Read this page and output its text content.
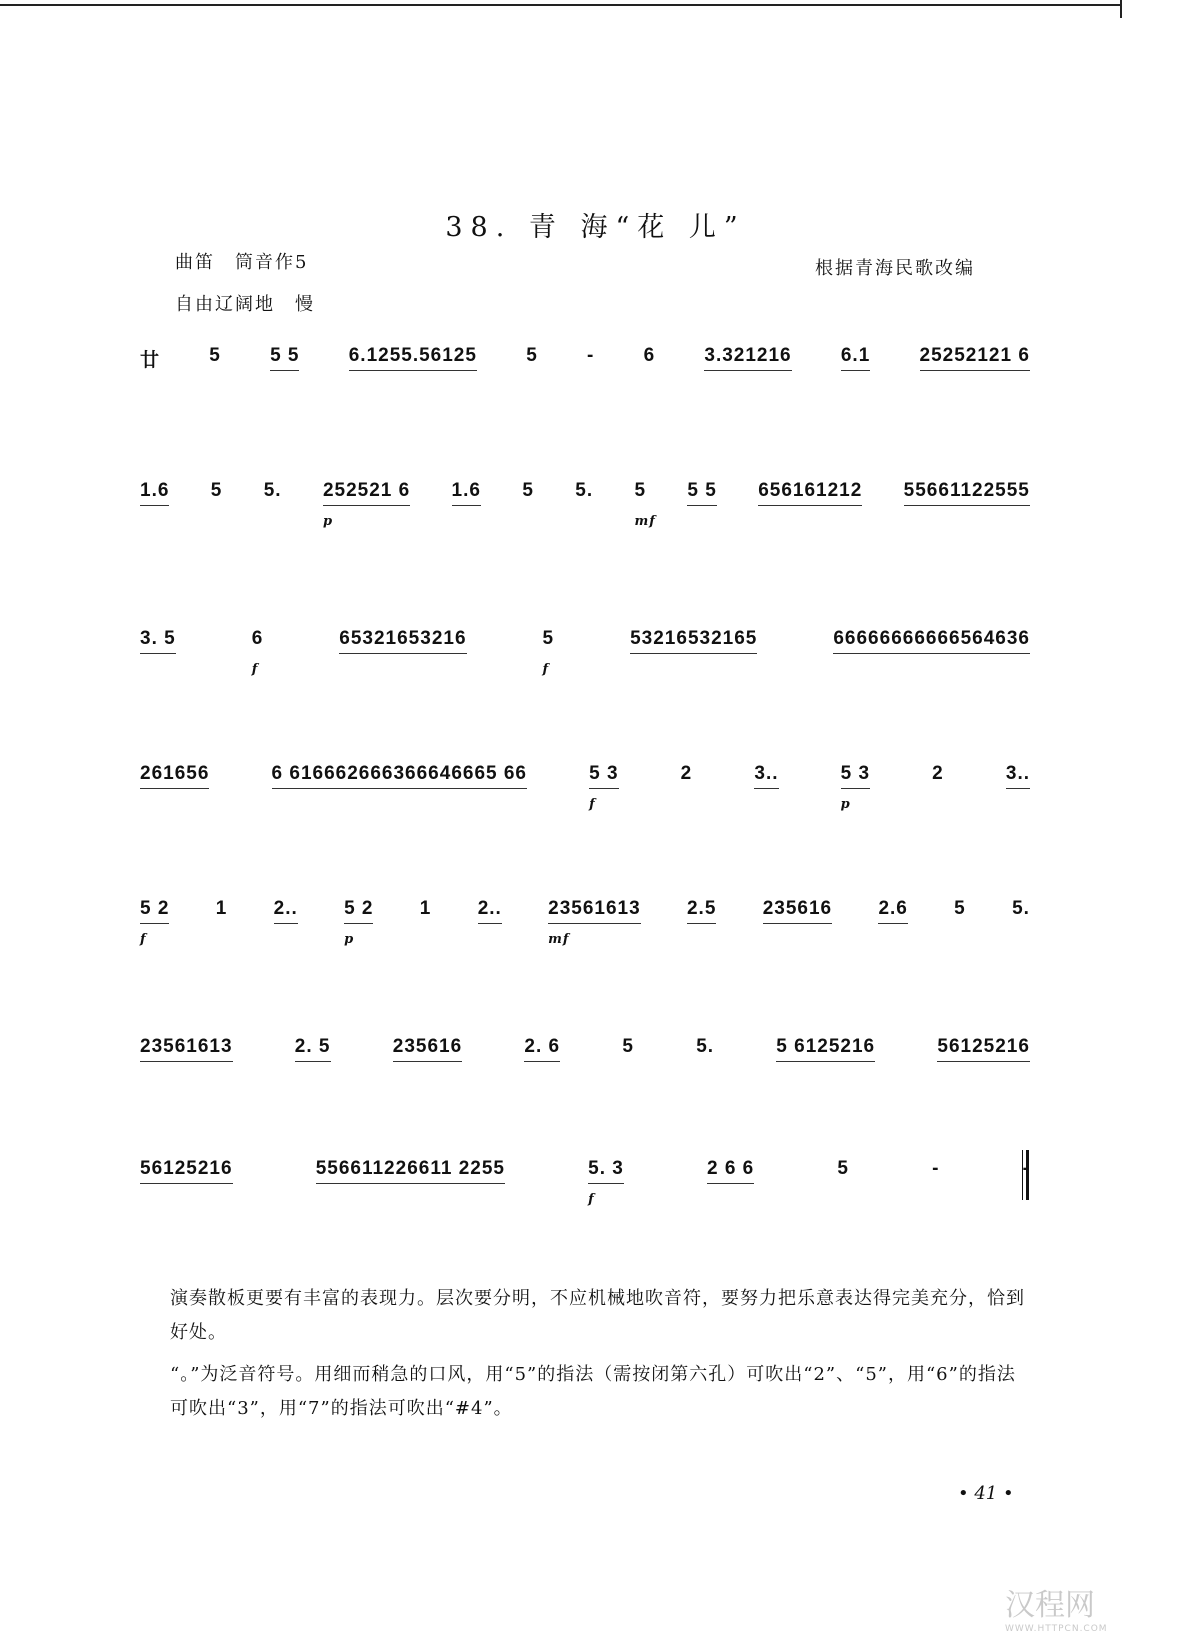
38. 青 海“花 儿”
曲笛　筒音作5
自由辽阔地　慢
根据青海民歌改编
廿	5	5 5	6.1255.56125	5	-	6	3.321216	6.1	25252121 6
1.6 5 5. 252521 6
p
1.6 5 5. 5
mf
5 5 656161212 55661122555
3. 5	6
f
65321653216	5
f
53216532165	66666666666564636
261656	6 616662666366646665 66	5 3
f
2	3..	5 3
p
2	3..
5 2
f
1 2.. 5 2
p
1 2.. 23561613
mf
2.5 235616 2.6 5 5.
23561613	2. 5	235616	2. 6	5	5.	5 6125216	56125216
56125216	556611226611 2255	5. 3
f
2 6 6	5	-	-
演奏散板更要有丰富的表现力。层次要分明，不应机械地吹音符，要努力把乐意表达得完美充分，恰到好处。
“。”为泛音符号。用细而稍急的口风，用“5”的指法（需按闭第六孔）可吹出“2”、“5”，用“6”的指法可吹出“3”，用“7”的指法可吹出“#4”。
• 41 •
汉程网
WWW.HTTPCN.COM
